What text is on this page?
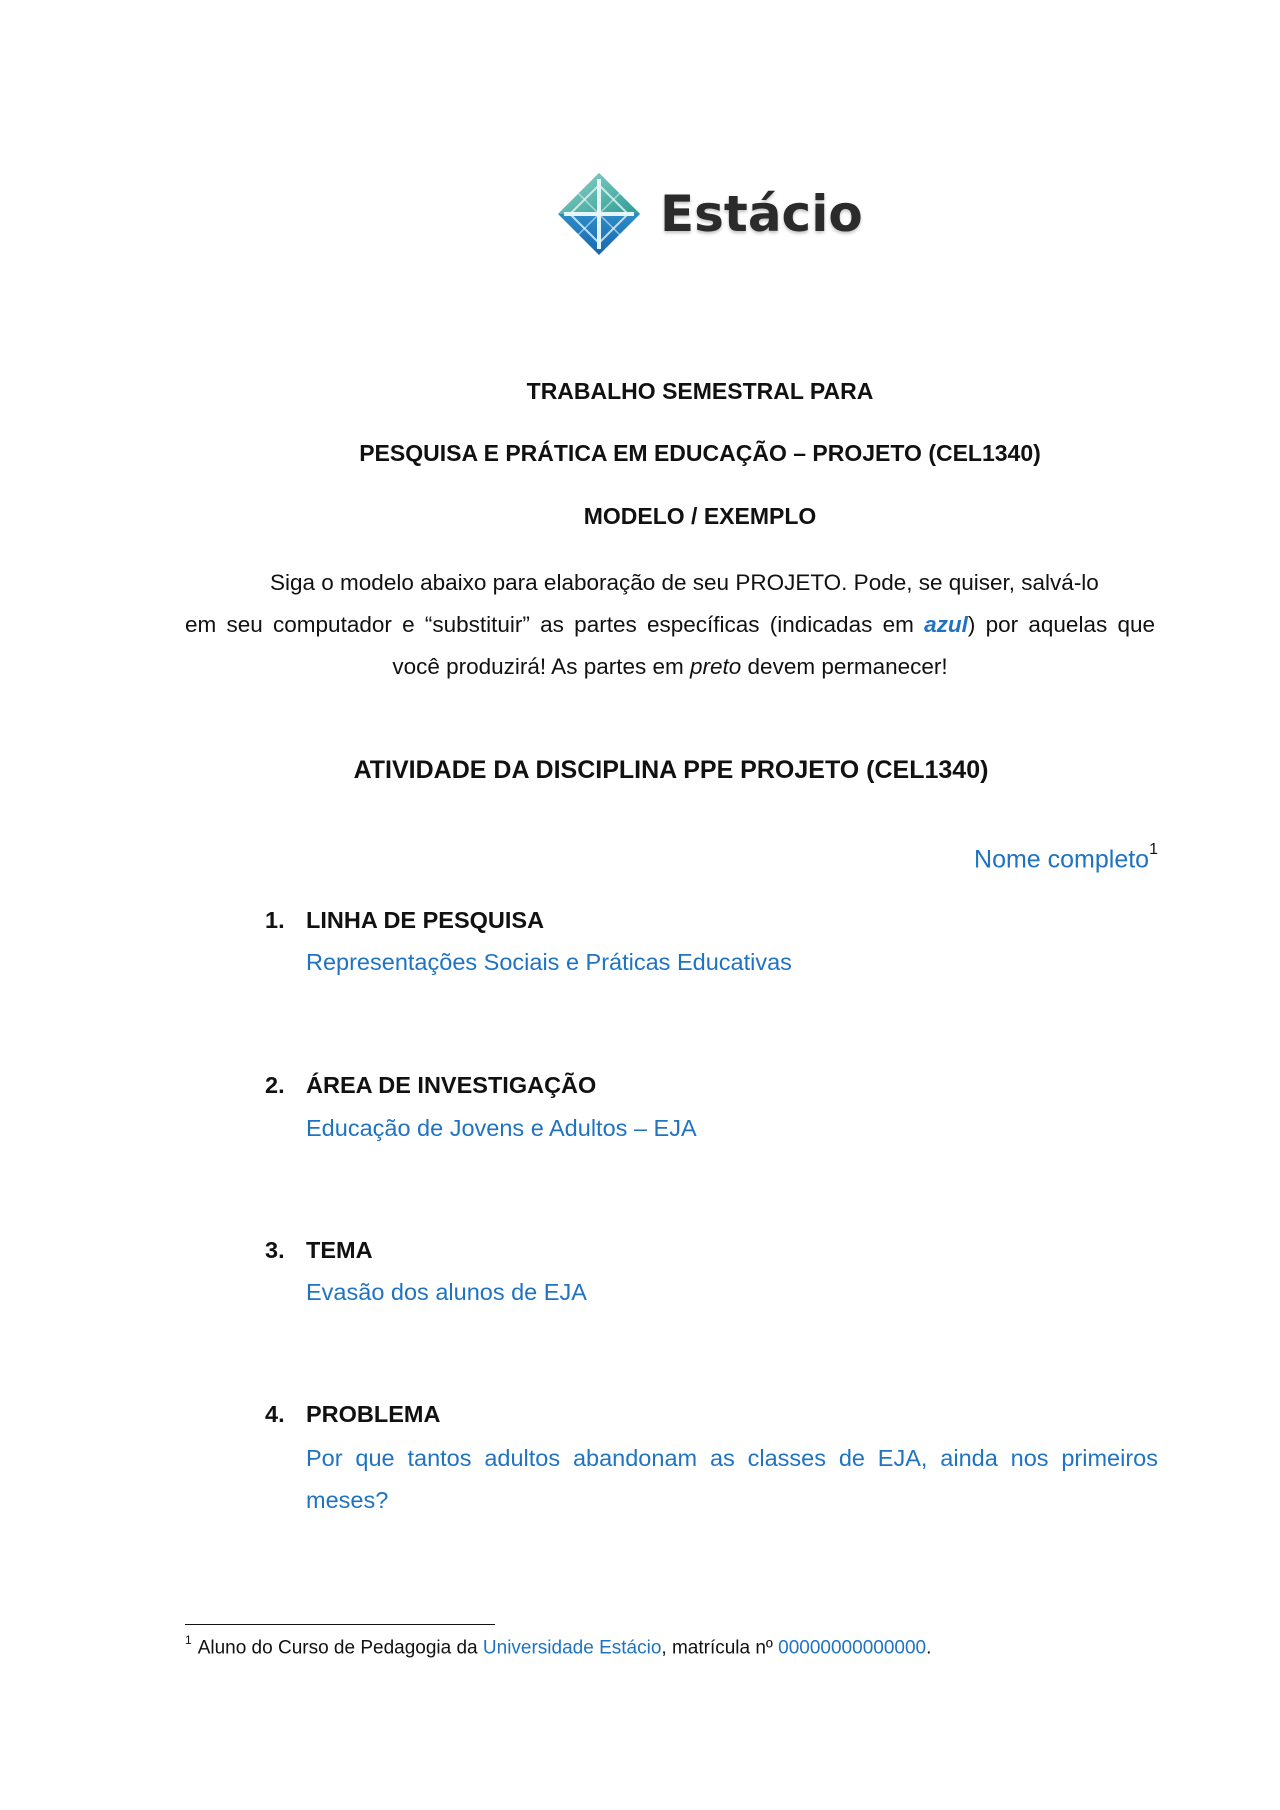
Estácio
TRABALHO SEMESTRAL PARA
PESQUISA E PRÁTICA EM EDUCAÇÃO – PROJETO (CEL1340)
MODELO / EXEMPLO

Siga o modelo abaixo para elaboração de seu PROJETO. Pode, se quiser, salvá-lo

em seu computador e “substituir” as partes específicas (indicadas em azul) por aquelas que

você produzirá! As partes em preto devem permanecer!

ATIVIDADE DA DISCIPLINA PPE PROJETO (CEL1340)
Nome completo$^1$
1. LINHA DE PESQUISA
Representações Sociais e Práticas Educativas
2. ÁREA DE INVESTIGAÇÃO
Educação de Jovens e Adultos – EJA
3. TEMA
Evasão dos alunos de EJA
4. PROBLEMA
Por que tantos adultos abandonam as classes de EJA, ainda nos primeiros meses?
$^1$ Aluno do Curso de Pedagogia da Universidade Estácio, matrícula nº 00000000000000.
